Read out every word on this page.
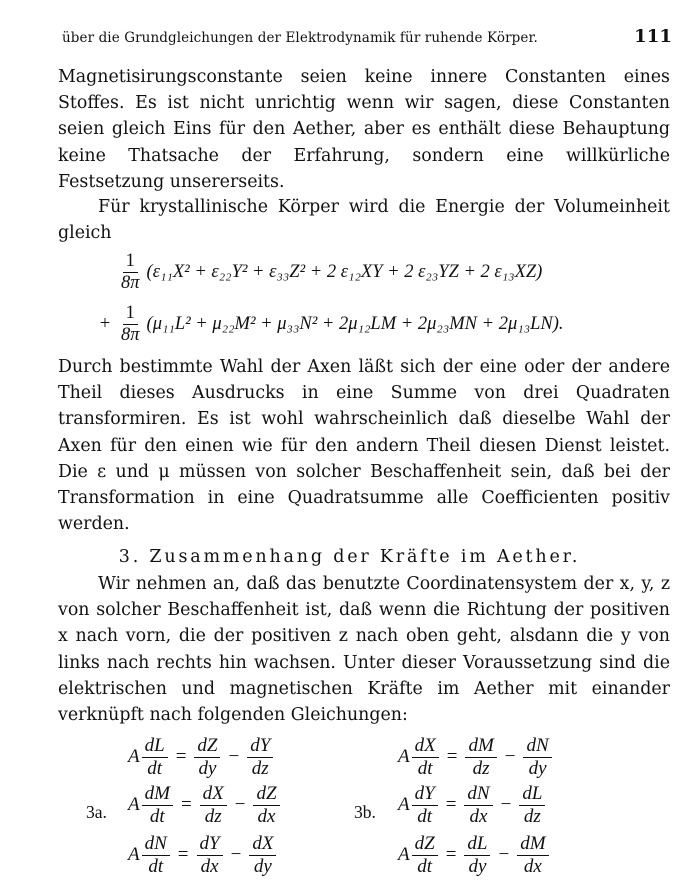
über die Grundgleichungen der Elektrodynamik für ruhende Körper.	111
Magnetisirungsconstante seien keine innere Constanten eines Stoffes. Es ist nicht unrichtig wenn wir sagen, diese Constanten seien gleich Eins für den Aether, aber es enthält diese Behauptung keine Thatsache der Erfahrung, sondern eine willkürliche Festsetzung unsererseits.
Für krystallinische Körper wird die Energie der Volumeinheit gleich
$\frac{1}{8\pi} (\varepsilon_{11}X^2 + \varepsilon_{22}Y^2 + \varepsilon_{33}Z^2 + 2$ ε₁₂XY + 2 ε₂₃YZ + 2 ε₁₃XZ)
+ $\frac{1}{8\pi} (\mu_{11}L^2 + \mu_{22}M^2 + \mu_{33}N^2 + 2\mu_{12}LM + 2\mu_{23}MN + 2\mu_{13}LN)$.
Durch bestimmte Wahl der Axen läßt sich der eine oder der andere Theil dieses Ausdrucks in eine Summe von drei Quadraten transformiren. Es ist wohl wahrscheinlich daß dieselbe Wahl der Axen für den einen wie für den andern Theil diesen Dienst leistet. Die ε und μ müssen von solcher Beschaffenheit sein, daß bei der Transformation in eine Quadratsumme alle Coefficienten positiv werden.
3. Zusammenhang der Kräfte im Aether.
Wir nehmen an, daß das benutzte Coordinatensystem der x, y, z von solcher Beschaffenheit ist, daß wenn die Richtung der positiven x nach vorn, die der positiven z nach oben geht, alsdann die y von links nach rechts hin wachsen. Unter dieser Voraussetzung sind die elektrischen und magnetischen Kräfte im Aether mit einander verknüpft nach folgenden Gleichungen:
3a.	3b.
A $\frac{dL}{dt} = \frac{dZ}{dy} - \frac{dY}{dz}$
A $\frac{dM}{dt} = \frac{dX}{dz} - \frac{dZ}{dx}$
A $\frac{dN}{dt} = \frac{dY}{dx} - \frac{dX}{dy}$
A $\frac{dX}{dt} = \frac{dM}{dz} - \frac{dN}{dy}$
A $\frac{dY}{dt} = \frac{dN}{dx} - \frac{dL}{dz}$
A $\frac{dZ}{dt} = \frac{dL}{dy} - \frac{dM}{dx}$
